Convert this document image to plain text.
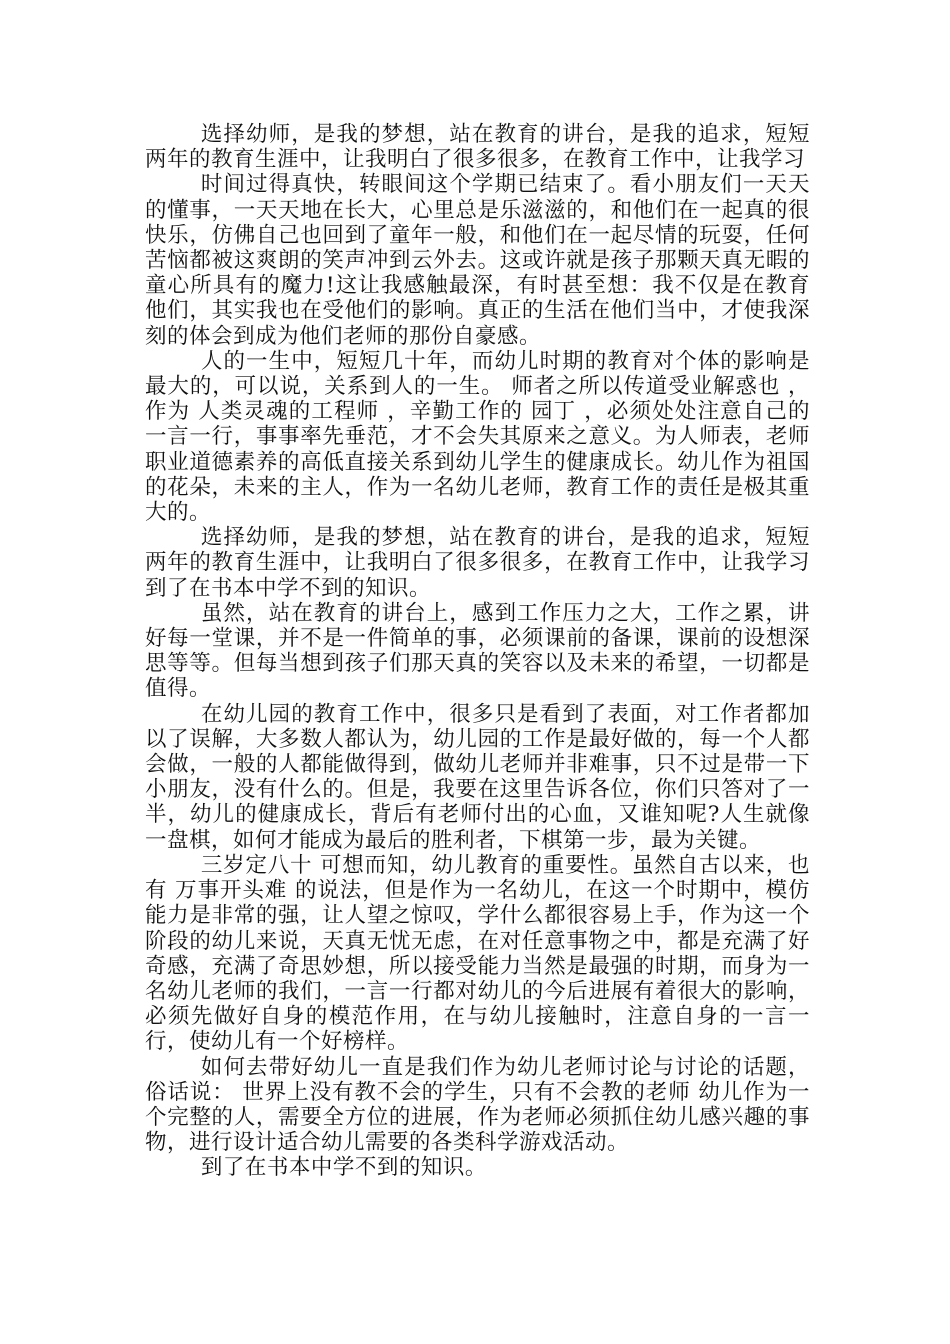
选择幼师，是我的梦想，站在教育的讲台，是我的追求，短短两年的教育生涯中，让我明白了很多很多，在教育工作中，让我学习

时间过得真快，转眼间这个学期已结束了。看小朋友们一天天的懂事，一天天地在长大，心里总是乐滋滋的，和他们在一起真的很快乐，仿佛自己也回到了童年一般，和他们在一起尽情的玩耍，任何苦恼都被这爽朗的笑声冲到云外去。这或许就是孩子那颗天真无暇的童心所具有的魔力!这让我感触最深，有时甚至想：我不仅是在教育他们，其实我也在受他们的影响。真正的生活在他们当中，才使我深刻的体会到成为他们老师的那份自豪感。

人的一生中，短短几十年，而幼儿时期的教育对个体的影响是最大的，可以说，关系到人的一生。 师者之所以传道受业解惑也 ，作为 人类灵魂的工程师 ，辛勤工作的 园丁 ，必须处处注意自己的一言一行，事事率先垂范，才不会失其原来之意义。为人师表，老师职业道德素养的高低直接关系到幼儿学生的健康成长。幼儿作为祖国的花朵，未来的主人，作为一名幼儿老师，教育工作的责任是极其重大的。

选择幼师，是我的梦想，站在教育的讲台，是我的追求，短短两年的教育生涯中，让我明白了很多很多，在教育工作中，让我学习到了在书本中学不到的知识。

虽然，站在教育的讲台上，感到工作压力之大，工作之累，讲好每一堂课，并不是一件简单的事，必须课前的备课，课前的设想深思等等。但每当想到孩子们那天真的笑容以及未来的希望，一切都是值得。

在幼儿园的教育工作中，很多只是看到了表面，对工作者都加以了误解，大多数人都认为，幼儿园的工作是最好做的，每一个人都会做，一般的人都能做得到，做幼儿老师并非难事，只不过是带一下小朋友，没有什么的。但是，我要在这里告诉各位，你们只答对了一半，幼儿的健康成长，背后有老师付出的心血，又谁知呢?人生就像一盘棋，如何才能成为最后的胜利者，下棋第一步，最为关键。

三岁定八十 可想而知，幼儿教育的重要性。虽然自古以来，也有 万事开头难 的说法，但是作为一名幼儿，在这一个时期中，模仿能力是非常的强，让人望之惊叹，学什么都很容易上手，作为这一个阶段的幼儿来说，天真无忧无虑，在对任意事物之中，都是充满了好奇感，充满了奇思妙想，所以接受能力当然是最强的时期，而身为一名幼儿老师的我们，一言一行都对幼儿的今后进展有着很大的影响，必须先做好自身的模范作用，在与幼儿接触时，注意自身的一言一行，使幼儿有一个好榜样。

如何去带好幼儿一直是我们作为幼儿老师讨论与讨论的话题，俗话说： 世界上没有教不会的学生，只有不会教的老师 幼儿作为一个完整的人，需要全方位的进展，作为老师必须抓住幼儿感兴趣的事物，进行设计适合幼儿需要的各类科学游戏活动。

到了在书本中学不到的知识。
